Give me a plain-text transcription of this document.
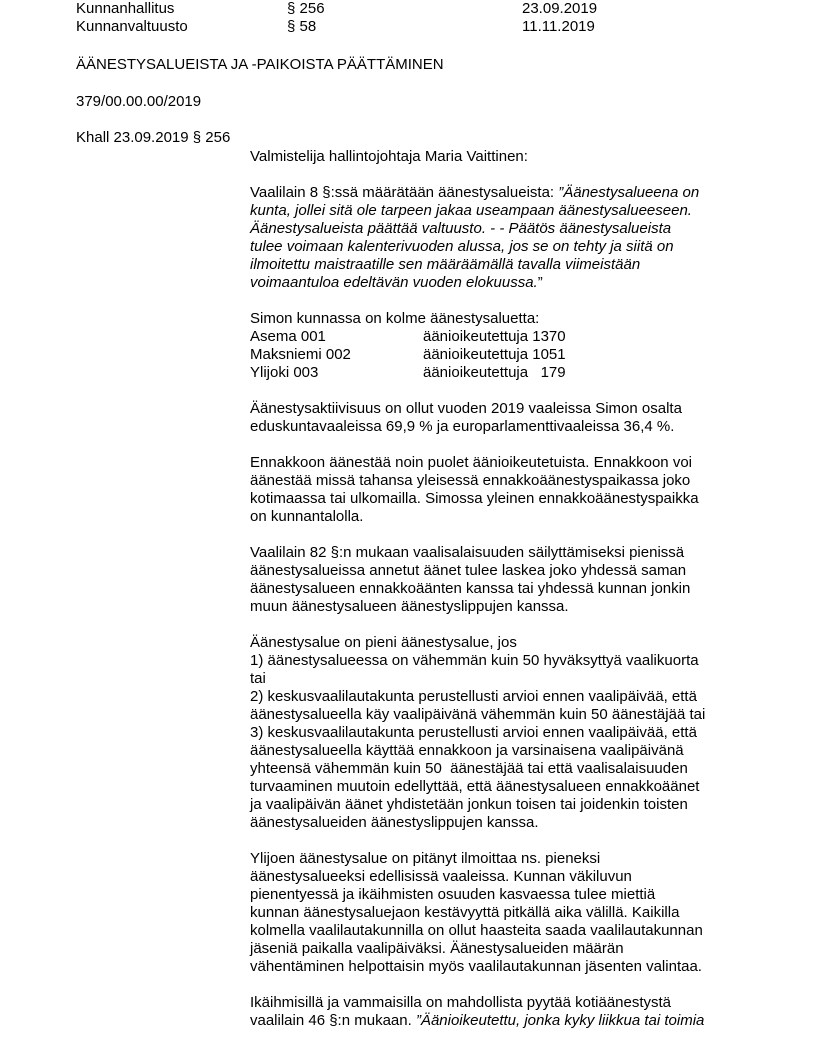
Kunnanhallitus	§ 256	23.09.2019
Kunnanvaltuusto	§ 58	11.11.2019
ÄÄNESTYSALUEISTA JA -PAIKOISTA PÄÄTTÄMINEN
379/00.00.00/2019
Khall 23.09.2019 § 256

Valmistelija hallintojohtaja Maria Vaittinen:

Vaalilain 8 §:ssä määrätään äänestysalueista: ”Äänestysalueena on
kunta, jollei sitä ole tarpeen jakaa useampaan äänestysalueeseen.
Äänestysalueista päättää valtuusto. - - Päätös äänestysalueista
tulee voimaan kalenterivuoden alussa, jos se on tehty ja siitä on
ilmoitettu maistraatille sen määräämällä tavalla viimeistään
voimaantuloa edeltävän vuoden elokuussa.”
Simon kunnassa on kolme äänestysaluetta:
Asema 001	äänioikeutettuja 1370
Maksniemi 002	äänioikeutettuja 1051
Ylijoki 003	äänioikeutettuja   179
Äänestysaktiivisuus on ollut vuoden 2019 vaaleissa Simon osalta
eduskuntavaaleissa 69,9 % ja europarlamenttivaaleissa 36,4 %.
Ennakkoon äänestää noin puolet äänioikeutetuista. Ennakkoon voi
äänestää missä tahansa yleisessä ennakkoäänestyspaikassa joko
kotimaassa tai ulkomailla. Simossa yleinen ennakkoäänestyspaikka
on kunnantalolla.
Vaalilain 82 §:n mukaan vaalisalaisuuden säilyttämiseksi pienissä
äänestysalueissa annetut äänet tulee laskea joko yhdessä saman
äänestysalueen ennakkoäänten kanssa tai yhdessä kunnan jonkin
muun äänestysalueen äänestyslippujen kanssa.
Äänestysalue on pieni äänestysalue, jos
1) äänestysalueessa on vähemmän kuin 50 hyväksyttyä vaalikuorta
tai
2) keskusvaalilautakunta perustellusti arvioi ennen vaalipäivää, että
äänestysalueella käy vaalipäivänä vähemmän kuin 50 äänestäjää tai
3) keskusvaalilautakunta perustellusti arvioi ennen vaalipäivää, että
äänestysalueella käyttää ennakkoon ja varsinaisena vaalipäivänä
yhteensä vähemmän kuin 50  äänestäjää tai että vaalisalaisuuden
turvaaminen muutoin edellyttää, että äänestysalueen ennakkoäänet
ja vaalipäivän äänet yhdistetään jonkun toisen tai joidenkin toisten
äänestysalueiden äänestyslippujen kanssa.
Ylijoen äänestysalue on pitänyt ilmoittaa ns. pieneksi
äänestysalueeksi edellisissä vaaleissa. Kunnan väkiluvun
pienentyessä ja ikäihmisten osuuden kasvaessa tulee miettiä
kunnan äänestysaluejaon kestävyyttä pitkällä aika välillä. Kaikilla
kolmella vaalilautakunnilla on ollut haasteita saada vaalilautakunnan
jäseniä paikalla vaalipäiväksi. Äänestysalueiden määrän
vähentäminen helpottaisin myös vaalilautakunnan jäsenten valintaa.
Ikäihmisillä ja vammaisilla on mahdollista pyytää kotiäänestystä
vaalilain 46 §:n mukaan. ”Äänioikeutettu, jonka kyky liikkua tai toimia
